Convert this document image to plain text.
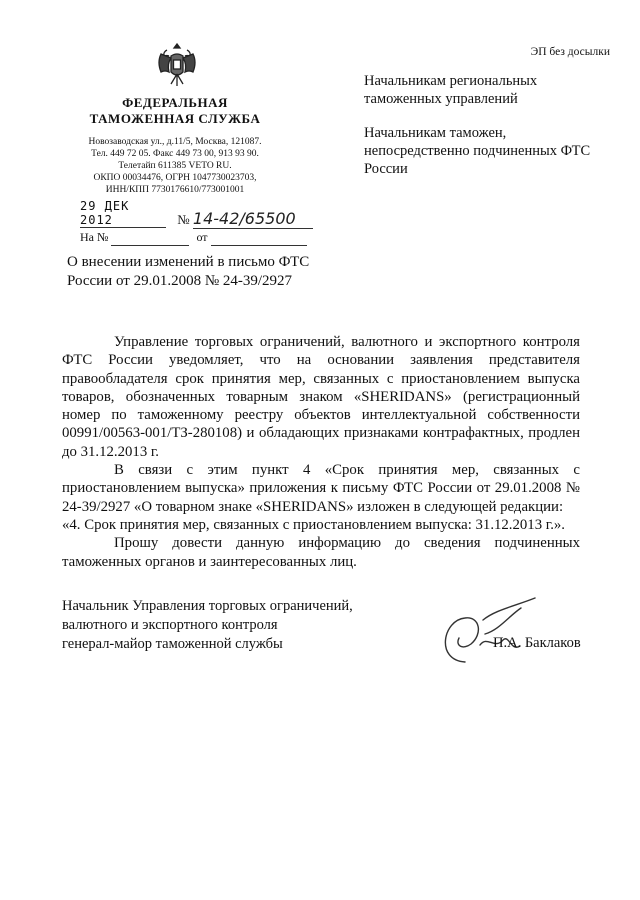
ЭП без досылки
ФЕДЕРАЛЬНАЯ
ТАМОЖЕННАЯ СЛУЖБА
Новозаводская ул., д.11/5, Москва, 121087.
Тел. 449 72 05. Факс 449 73 00, 913 93 90.
Телетайп 611385 VETO RU.
ОКПО 00034476, ОГРН 1047730023703,
ИНН/КПП 7730176610/773001001
29 ДЕК 2012	№ 14-42/65500
На №	от
О внесении изменений в письмо ФТС России от 29.01.2008 № 24-39/2927
Начальникам региональных таможенных управлений
Начальникам таможен, непосредственно подчиненных ФТС России

Управление торговых ограничений, валютного и экспортного контроля ФТС России уведомляет, что на основании заявления представителя правообладателя срок принятия мер, связанных с приостановлением выпуска товаров, обозначенных товарным знаком «SHERIDANS» (регистрационный номер по таможенному реестру объектов интеллектуальной собственности 00991/00563-001/ТЗ-280108) и обладающих признаками контрафактных, продлен до 31.12.2013 г.

В связи с этим пункт 4 «Срок принятия мер, связанных с приостановлением выпуска» приложения к письму ФТС России от 29.01.2008 № 24-39/2927 «О товарном знаке «SHERIDANS» изложен в следующей редакции:

«4. Срок принятия мер, связанных с приостановлением выпуска: 31.12.2013 г.».

Прошу довести данную информацию до сведения подчиненных таможенных органов и заинтересованных лиц.

Начальник Управления торговых ограничений,
валютного и экспортного контроля
генерал-майор таможенной службы	П.А. Баклаков
